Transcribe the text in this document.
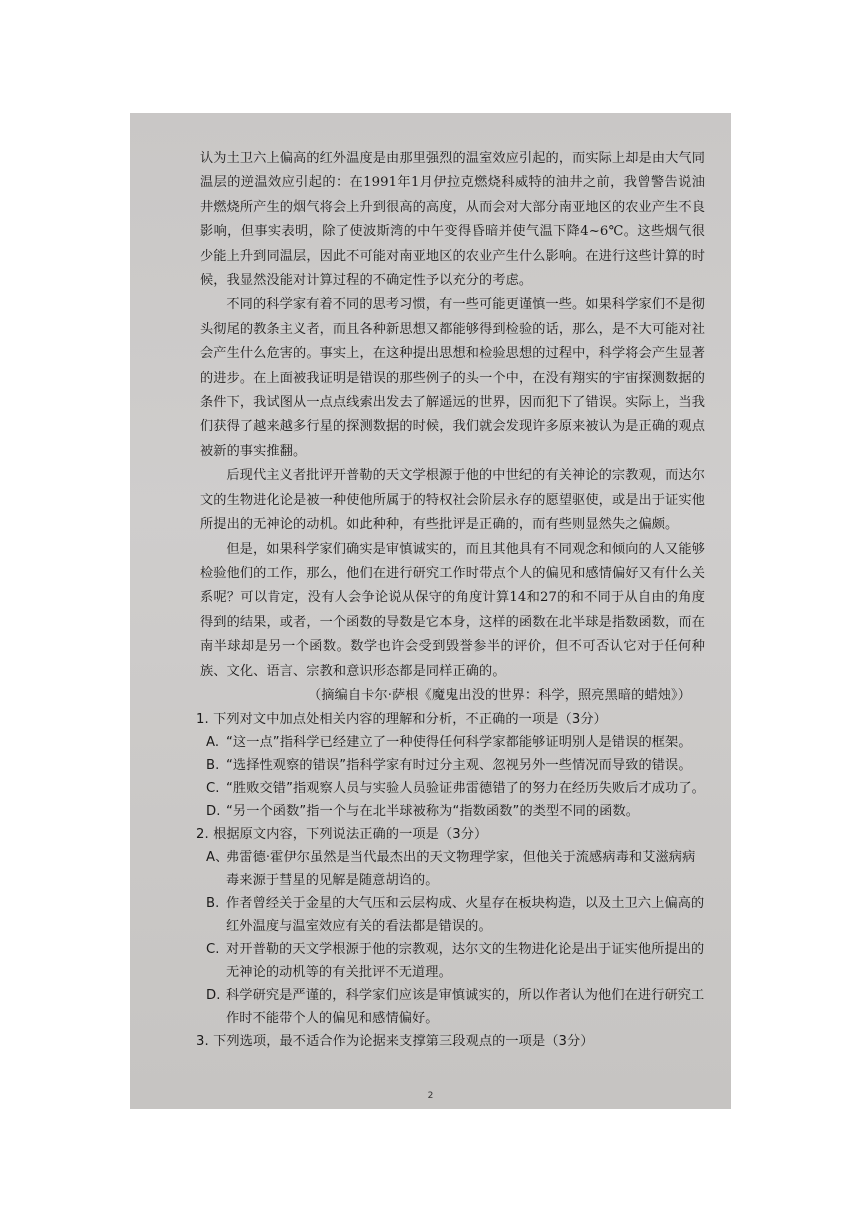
认为土卫六上偏高的红外温度是由那里强烈的温室效应引起的，而实际上却是由大气同温层的逆温效应引起的：在1991年1月伊拉克燃烧科威特的油井之前，我曾警告说油井燃烧所产生的烟气将会上升到很高的高度，从而会对大部分南亚地区的农业产生不良影响，但事实表明，除了使波斯湾的中午变得昏暗并使气温下降4~6℃。这些烟气很少能上升到同温层，因此不可能对南亚地区的农业产生什么影响。在进行这些计算的时候，我显然没能对计算过程的不确定性予以充分的考虑。

不同的科学家有着不同的思考习惯，有一些可能更谨慎一些。如果科学家们不是彻头彻尾的教条主义者，而且各种新思想又都能够得到检验的话，那么，是不大可能对社会产生什么危害的。事实上，在这种提出思想和检验思想的过程中，科学将会产生显著的进步。在上面被我证明是错误的那些例子的头一个中，在没有翔实的宇宙探测数据的条件下，我试图从一点点线索出发去了解遥远的世界，因而犯下了错误。实际上，当我们获得了越来越多行星的探测数据的时候，我们就会发现许多原来被认为是正确的观点被新的事实推翻。

后现代主义者批评开普勒的天文学根源于他的中世纪的有关神论的宗教观，而达尔文的生物进化论是被一种使他所属于的特权社会阶层永存的愿望驱使，或是出于证实他所提出的无神论的动机。如此种种，有些批评是正确的，而有些则显然失之偏颇。

但是，如果科学家们确实是审慎诚实的，而且其他具有不同观念和倾向的人又能够检验他们的工作，那么，他们在进行研究工作时带点个人的偏见和感情偏好又有什么关系呢？可以肯定，没有人会争论说从保守的角度计算14和27的和不同于从自由的角度得到的结果，或者，一个函数的导数是它本身，这样的函数在北半球是指数函数，而在南半球却是另一个函数。数学也许会受到毁誉参半的评价，但不可否认它对于任何种族、文化、语言、宗教和意识形态都是同样正确的。

（摘编自卡尔·萨根《魔鬼出没的世界：科学，照亮黑暗的蜡烛》）

1. 下列对文中加点处相关内容的理解和分析，不正确的一项是（3分）

A. “这一点”指科学已经建立了一种使得任何科学家都能够证明别人是错误的框架。

B. “选择性观察的错误”指科学家有时过分主观、忽视另外一些情况而导致的错误。

C. “胜败交错”指观察人员与实验人员验证弗雷德错了的努力在经历失败后才成功了。

D. “另一个函数”指一个与在北半球被称为“指数函数”的类型不同的函数。

2. 根据原文内容，下列说法正确的一项是（3分）

A、弗雷德·霍伊尔虽然是当代最杰出的天文物理学家，但他关于流感病毒和艾滋病病毒来源于彗星的见解是随意胡诌的。

B. 作者曾经关于金星的大气压和云层构成、火星存在板块构造，以及土卫六上偏高的红外温度与温室效应有关的看法都是错误的。

C. 对开普勒的天文学根源于他的宗教观，达尔文的生物进化论是出于证实他所提出的无神论的动机等的有关批评不无道理。

D. 科学研究是严谨的，科学家们应该是审慎诚实的，所以作者认为他们在进行研究工作时不能带个人的偏见和感情偏好。

3. 下列选项，最不适合作为论据来支撑第三段观点的一项是（3分）

2
